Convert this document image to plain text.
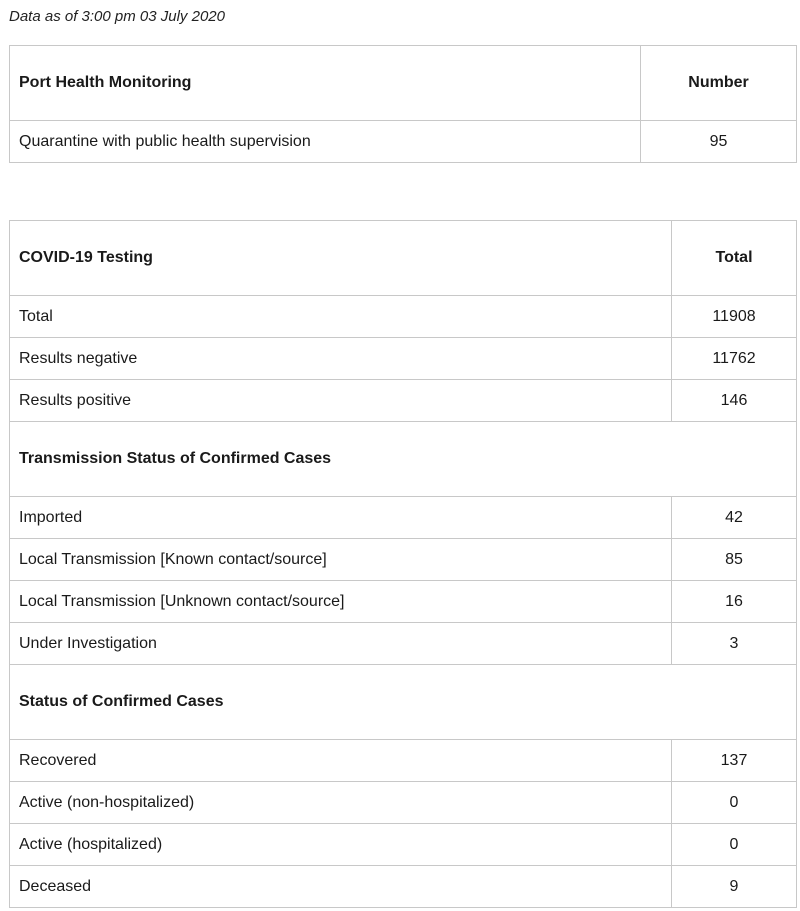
Data as of 3:00 pm 03 July 2020
Port Health Monitoring	Number
Quarantine with public health supervision	95
COVID-19 Testing	Total
Total	11908
Results negative	11762
Results positive	146
Transmission Status of Confirmed Cases	
Imported	42
Local Transmission [Known contact/source]	85
Local Transmission [Unknown contact/source]	16
Under Investigation	3
Status of Confirmed Cases	
Recovered	137
Active (non-hospitalized)	0
Active (hospitalized)	0
Deceased	9
